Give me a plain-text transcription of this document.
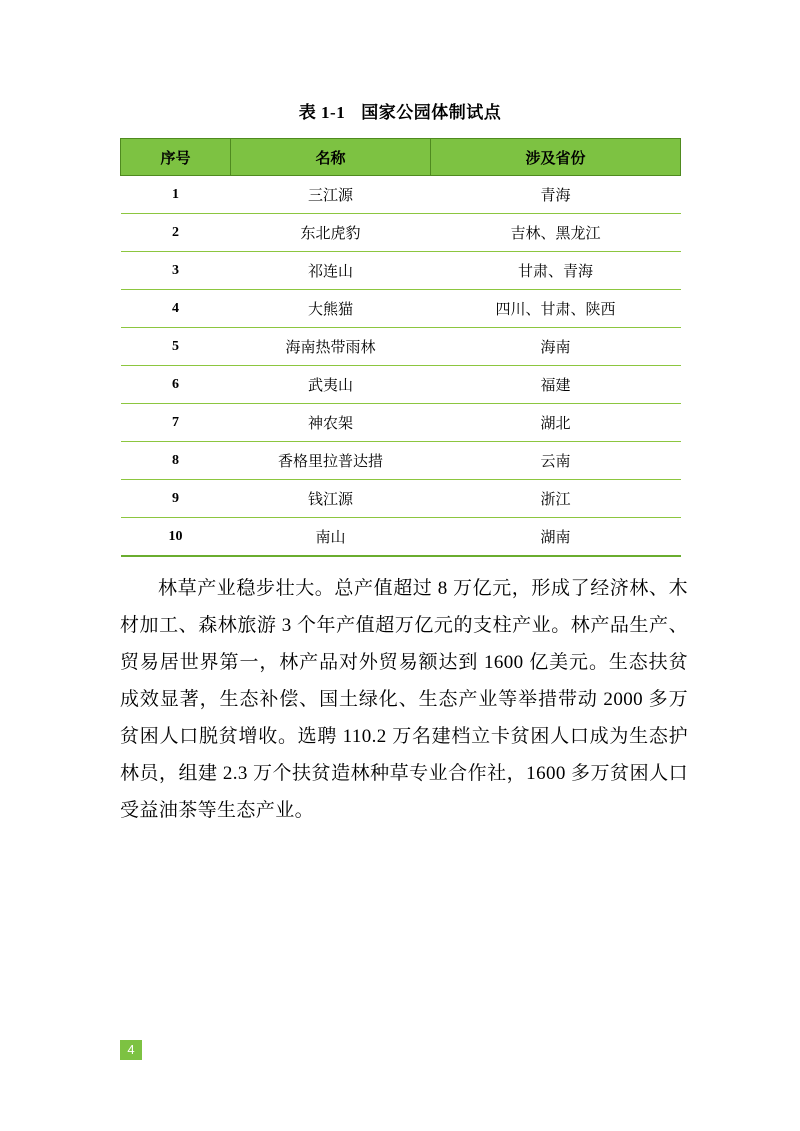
表 1-1 国家公园体制试点
序号	名称	涉及省份
1	三江源	青海
2	东北虎豹	吉林、黑龙江
3	祁连山	甘肃、青海
4	大熊猫	四川、甘肃、陕西
5	海南热带雨林	海南
6	武夷山	福建
7	神农架	湖北
8	香格里拉普达措	云南
9	钱江源	浙江
10	南山	湖南
林草产业稳步壮大。总产值超过 8 万亿元，形成了经济林、木材加工、森林旅游 3 个年产值超万亿元的支柱产业。林产品生产、贸易居世界第一，林产品对外贸易额达到 1600 亿美元。生态扶贫成效显著，生态补偿、国土绿化、生态产业等举措带动 2000 多万贫困人口脱贫增收。选聘 110.2 万名建档立卡贫困人口成为生态护林员，组建 2.3 万个扶贫造林种草专业合作社，1600 多万贫困人口受益油茶等生态产业。
4
